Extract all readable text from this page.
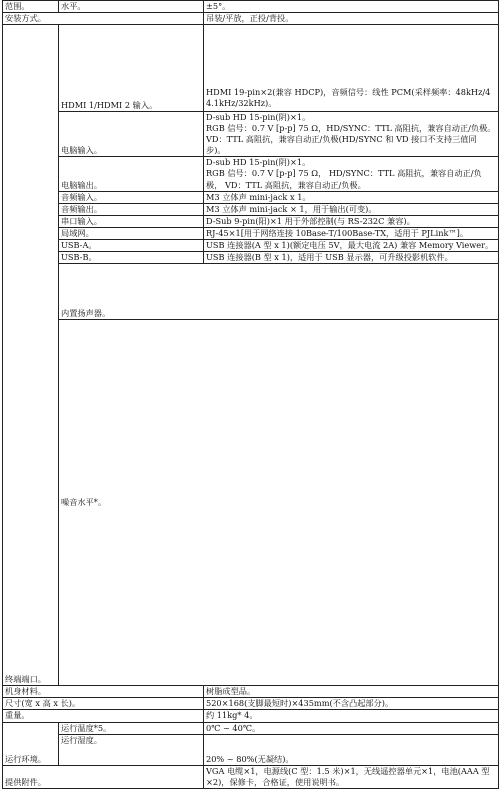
范围。	水平。	±5°。	
安装方式。		吊装/平放，正投/背投。	
终端端口。	HDMI 1/HDMI 2 输入。	HDMI 19-pin×2(兼容 HDCP)，音频信号：线性 PCM(采样频率：48kHz/44.1kHz/32kHz)。	
	电脑输入。	D-sub HD 15-pin(阴)×1。
RGB 信号：0.7 V [p-p] 75 Ω，HD/SYNC：TTL 高阻抗，兼容自动正/负极。
VD：TTL 高阻抗，兼容自动正/负极(HD/SYNC 和 VD 接口不支持三值同步)。	

	电脑输出。	D-sub HD 15-pin(阴)×1。
RGB 信号：0.7 V [p-p] 75 Ω， HD/SYNC：TTL 高阻抗，兼容自动正/负极， VD：TTL 高阻抗，兼容自动正/负极。	

	音频输入。	M3 立体声 mini-jack x 1。	
	音频输出。	M3 立体声 mini-jack × 1，用于输出(可变)。	
	串口输入。	D-Sub 9-pin(阳)×1 用于外部控制(与 RS-232C 兼容)。	
	局域网。	RJ-45×1[用于网络连接 10Base-T/100Base-TX，适用于 PJLink™]。	
	USB-A。	USB 连接器(A 型 x 1)(额定电压 5V，最大电流 2A) 兼容 Memory Viewer。	
	USB-B。	USB 连接器(B 型 x 1)，适用于 USB 显示器，可升级投影机软件。	
	内置扬声器。	
	噪音水平*。	

机身材料。		树脂成型品。	
尺寸(宽 x 高 x 长)。		520×168(支脚最短时)×435mm(不含凸起部分)。	
重量。		约 11kg* 4。	
运行环境。	运行温度*5。	0℃ ~ 40℃。	
	运行湿度。	20% ~ 80%(无凝结)。	
提供附件。		VGA 电缆×1，电源线(C 型：1.5 米)×1，无线遥控器单元×1，电池(AAA 型×2)，保修卡，合格证，使用说明书。	
